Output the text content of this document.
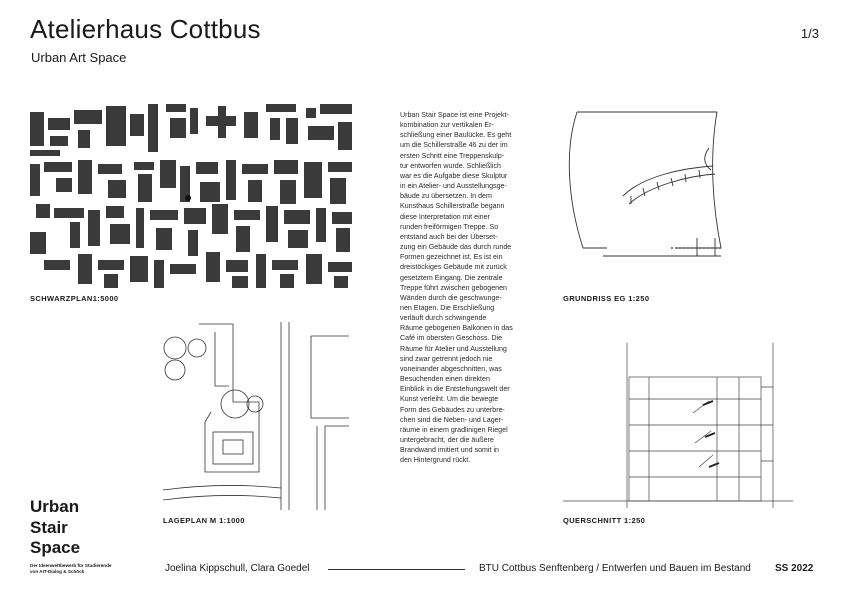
Atelierhaus Cottbus
Urban Art Space
1/3
SCHWARZPLAN1:5000
LAGEPLAN M 1:1000
Urban Stair Space ist eine Projekt-
kombination zur vertikalen Er-
schließung einer Baulücke. Es geht
um die Schillerstraße 46 zu der im
ersten Schritt eine Treppenskulp-
tur entworfen wurde. Schließlich
war es die Aufgabe diese Skulptur
in ein Atelier- und Ausstellungsge-
bäude zu übersetzen. In dem
Kunsthaus Schillerstraße begann
diese Interpretation mit einer
runden freiförmigen Treppe. So
entstand auch bei der Überset-
zung ein Gebäude das durch runde
Formen gezeichnet ist. Es ist ein
dreistöckiges Gebäude mit zurück
gesetztem Eingang. Die zentrale
Treppe führt zwischen gebogenen
Wänden durch die geschwunge-
nen Etagen. Die Erschließung
verläuft durch schwingende
Räume gebogenen Balkonen in das
Café im obersten Geschoss. Die
Räume für Atelier und Ausstellung
sind zwar getrennt jedoch nie
voneinander abgeschnitten, was
Besuchenden einen direkten
Einblick in die Entstehungswelt der
Kunst verleiht. Um die bewegte
Form des Gebäudes zu unterbre-
chen sind die Neben- und Lager-
räume in einem gradlinigen Riegel
untergebracht, der die äußere
Brandwand imitiert und somit in
den Hintergrund rückt.
GRUNDRISS EG 1:250
QUERSCHNITT 1:250
Urban
Stair
Space
Der Ideenwettbewerb für Studierende
von AIT-Dialog & Schöck	Joelina Kippschull, Clara Goedel	BTU Cottbus Senftenberg / Entwerfen und Bauen im Bestand SS 2022
